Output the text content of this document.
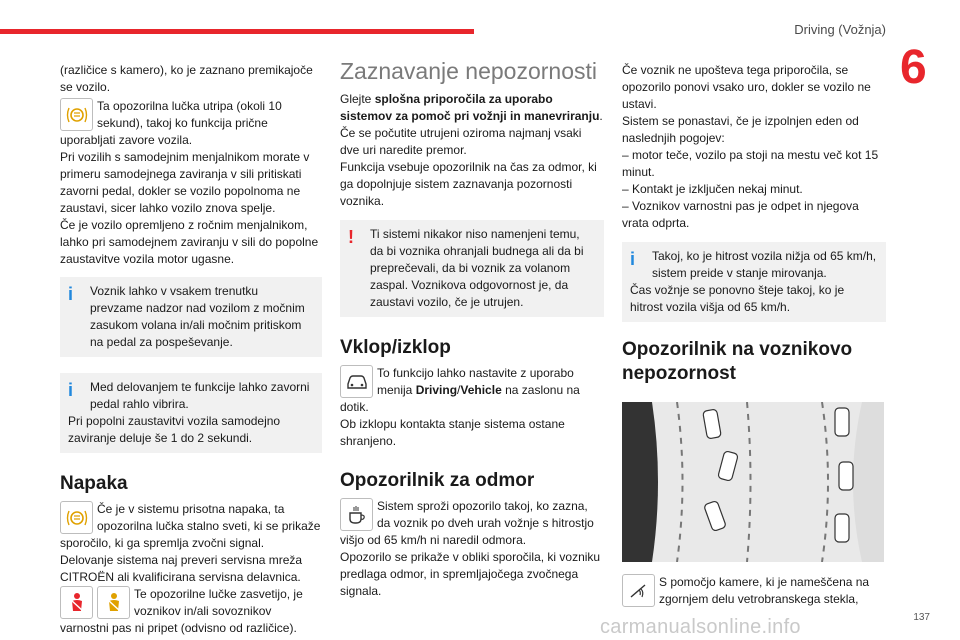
Driving (Vožnja)
6

(različice s kamero), ko je zaznano premikajoče se vozilo.

Ta opozorilna lučka utripa (okoli 10 sekund), takoj ko funkcija prične uporabljati zavore vozila.

Pri vozilih s samodejnim menjalnikom morate v primeru samodejnega zaviranja v sili pritiskati zavorni pedal, dokler se vozilo popolnoma ne zaustavi, sicer lahko vozilo znova spelje.

Če je vozilo opremljeno z ročnim menjalnikom, lahko pri samodejnem zaviranju v sili do popolne zaustavitve vozila motor ugasne.

i	Voznik lahko v vsakem trenutku prevzame nadzor nad vozilom z močnim zasukom volana in/ali močnim pritiskom na pedal za pospeševanje.

i	Med delovanjem te funkcije lahko zavorni pedal rahlo vibrira.

Pri popolni zaustavitvi vozila samodejno zaviranje deluje še 1 do 2 sekundi.

Napaka

Če je v sistemu prisotna napaka, ta opozorilna lučka stalno sveti, ki se prikaže sporočilo, ki ga spremlja zvočni signal.

Delovanje sistema naj preveri servisna mreža CITROËN ali kvalificirana servisna delavnica.

Te opozorilne lučke zasvetijo, je voznikov in/ali sovoznikov varnostni pas ni pripet (odvisno od različice).

Zaznavanje nepozornosti

Glejte splošna priporočila za uporabo sistemov za pomoč pri vožnji in manevriranju.

Če se počutite utrujeni oziroma najmanj vsaki dve uri naredite premor.

Funkcija vsebuje opozorilnik na čas za odmor, ki ga dopolnjuje sistem zaznavanja pozornosti voznika.

!	Ti sistemi nikakor niso namenjeni temu, da bi voznika ohranjali budnega ali da bi preprečevali, da bi voznik za volanom zaspal. Voznikova odgovornost je, da zaustavi vozilo, če je utrujen.

Vklop/izklop

To funkcijo lahko nastavite z uporabo menija Driving/Vehicle na zaslonu na dotik.

Ob izklopu kontakta stanje sistema ostane shranjeno.

Opozorilnik za odmor

Sistem sproži opozorilo takoj, ko zazna, da voznik po dveh urah vožnje s hitrostjo višjo od 65 km/h ni naredil odmora.

Opozorilo se prikaže v obliki sporočila, ki vozniku predlaga odmor, in spremljajočega zvočnega signala.

Če voznik ne upošteva tega priporočila, se opozorilo ponovi vsako uro, dokler se vozilo ne ustavi.

Sistem se ponastavi, če je izpolnjen eden od naslednjih pogojev:

– motor teče, vozilo pa stoji na mestu več kot 15 minut.

– Kontakt je izključen nekaj minut.

– Voznikov varnostni pas je odpet in njegova vrata odprta.

i	Takoj, ko je hitrost vozila nižja od 65 km/h, sistem preide v stanje mirovanja.

Čas vožnje se ponovno šteje takoj, ko je hitrost vozila višja od 65 km/h.

Opozorilnik na voznikovo nepozornost

S pomočjo kamere, ki je nameščena na zgornjem delu vetrobranskega stekla,

137
carmanualsonline.info
